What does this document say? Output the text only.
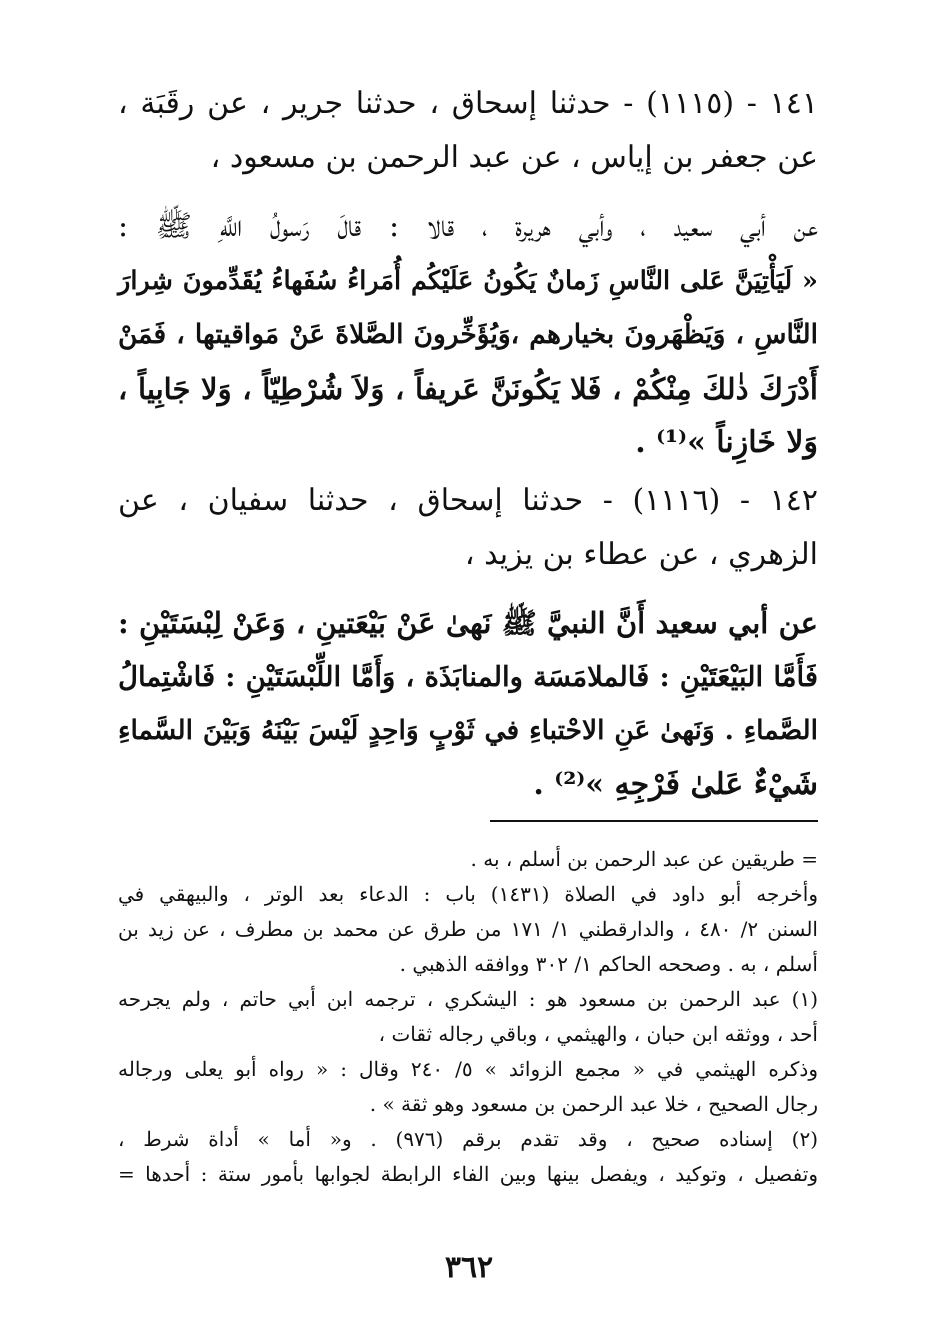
١٤١ - (١١١٥) - حدثنا إسحاق ، حدثنا جرير ، عن رقَبَة ،
عن جعفر بن إياس ، عن عبد الرحمن بن مسعود ،
عن أبي سعيد ، وأبي هريرة ، قالا : قالَ رَسولُ اللَّهِ ﷺ :
« لَيَأْتِيَنَّ عَلى النَّاسِ زَمانٌ يَكُونُ عَلَيْكُم أُمَراءُ سُفَهاءُ يُقَدِّمونَ شِرارَ
النَّاسِ ، وَيَظْهَرونَ بخيارهم ،وَيُؤَخِّرونَ الصَّلاةَ عَنْ مَواقيتها ، فَمَنْ
أَدْرَكَ ذٰلكَ مِنْكُمْ ، فَلا يَكُونَنَّ عَريفاً ، وَلاَ شُرْطِيّاً ، وَلا جَابِياً ،
وَلا خَازِناً »⁽¹⁾ .
١٤٢ - (١١١٦) - حدثنا إسحاق ، حدثنا سفيان ، عن
الزهري ، عن عطاء بن يزيد ،
عن أبي سعيد أَنَّ النبيَّ ﷺ نَهىٰ عَنْ بَيْعَتينِ ، وَعَنْ لِبْسَتَيْنِ :
فَأَمَّا البَيْعَتَيْنِ : فَالملامَسَة والمنابَذَة ، وَأَمَّا اللِّبْسَتَيْنِ : فَاشْتِمالُ
الصَّماءِ . وَنَهىٰ عَنِ الاحْتباءِ في ثَوْبٍ وَاحِدٍ لَيْسَ بَيْنَهُ وَبَيْنَ السَّماءِ
شَيْءٌ عَلىٰ فَرْجِهِ »⁽²⁾ .
= طريقين عن عبد الرحمن بن أسلم ، به .
وأخرجه أبو داود في الصلاة (١٤٣١) باب : الدعاء بعد الوتر ، والبيهقي في
السنن ٢/ ٤٨٠ ، والدارقطني ١/ ١٧١ من طرق عن محمد بن مطرف ، عن زيد بن
أسلم ، به . وصححه الحاكم ١/ ٣٠٢ ووافقه الذهبي .
(١) عبد الرحمن بن مسعود هو : اليشكري ، ترجمه ابن أبي حاتم ، ولم يجرحه
أحد ، ووثقه ابن حبان ، والهيثمي ، وباقي رجاله ثقات ،
وذكره الهيثمي في « مجمع الزوائد » ٥/ ٢٤٠ وقال : « رواه أبو يعلى ورجاله
رجال الصحيح ، خلا عبد الرحمن بن مسعود وهو ثقة » .
(٢) إسناده صحيح ، وقد تقدم برقم (٩٧٦) . و« أما » أداة شرط ،
وتفصيل ، وتوكيد ، ويفصل بينها وبين الفاء الرابطة لجوابها بأمور ستة : أحدها =
٣٦٢
